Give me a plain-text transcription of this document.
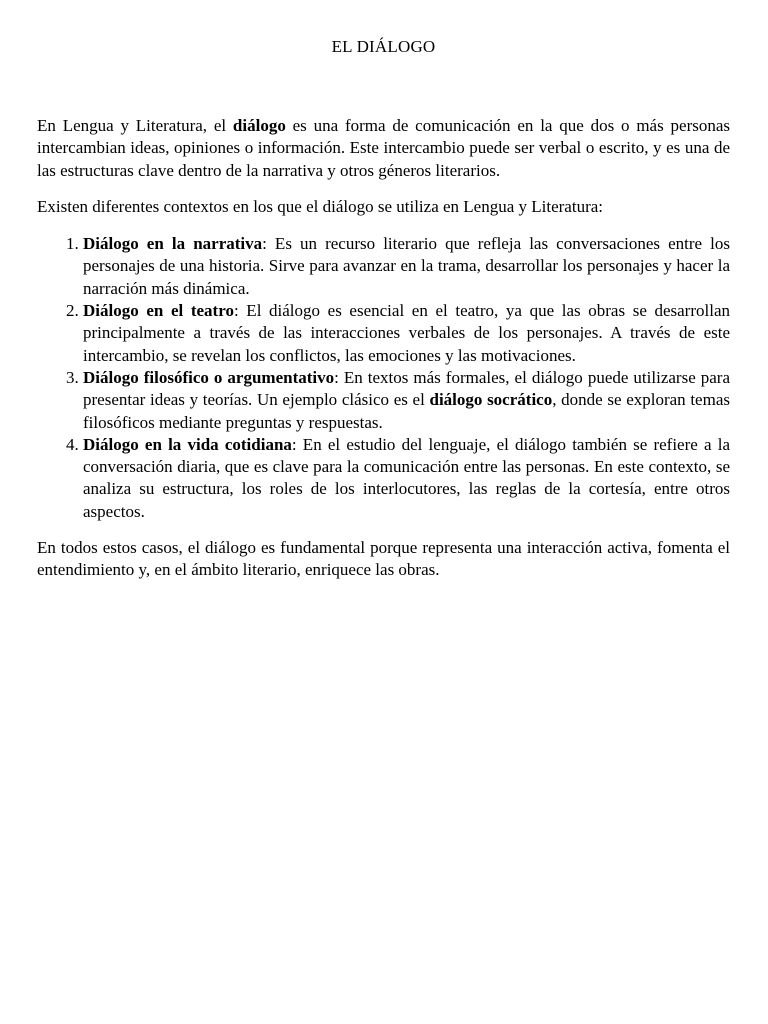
EL DIÁLOGO

En Lengua y Literatura, el diálogo es una forma de comunicación en la que dos o más personas intercambian ideas, opiniones o información. Este intercambio puede ser verbal o escrito, y es una de las estructuras clave dentro de la narrativa y otros géneros literarios.

Existen diferentes contextos en los que el diálogo se utiliza en Lengua y Literatura:

1. Diálogo en la narrativa: Es un recurso literario que refleja las conversaciones entre los personajes de una historia. Sirve para avanzar en la trama, desarrollar los personajes y hacer la narración más dinámica.
2. Diálogo en el teatro: El diálogo es esencial en el teatro, ya que las obras se desarrollan principalmente a través de las interacciones verbales de los personajes. A través de este intercambio, se revelan los conflictos, las emociones y las motivaciones.
3. Diálogo filosófico o argumentativo: En textos más formales, el diálogo puede utilizarse para presentar ideas y teorías. Un ejemplo clásico es el diálogo socrático, donde se exploran temas filosóficos mediante preguntas y respuestas.
4. Diálogo en la vida cotidiana: En el estudio del lenguaje, el diálogo también se refiere a la conversación diaria, que es clave para la comunicación entre las personas. En este contexto, se analiza su estructura, los roles de los interlocutores, las reglas de la cortesía, entre otros aspectos.

En todos estos casos, el diálogo es fundamental porque representa una interacción activa, fomenta el entendimiento y, en el ámbito literario, enriquece las obras.
